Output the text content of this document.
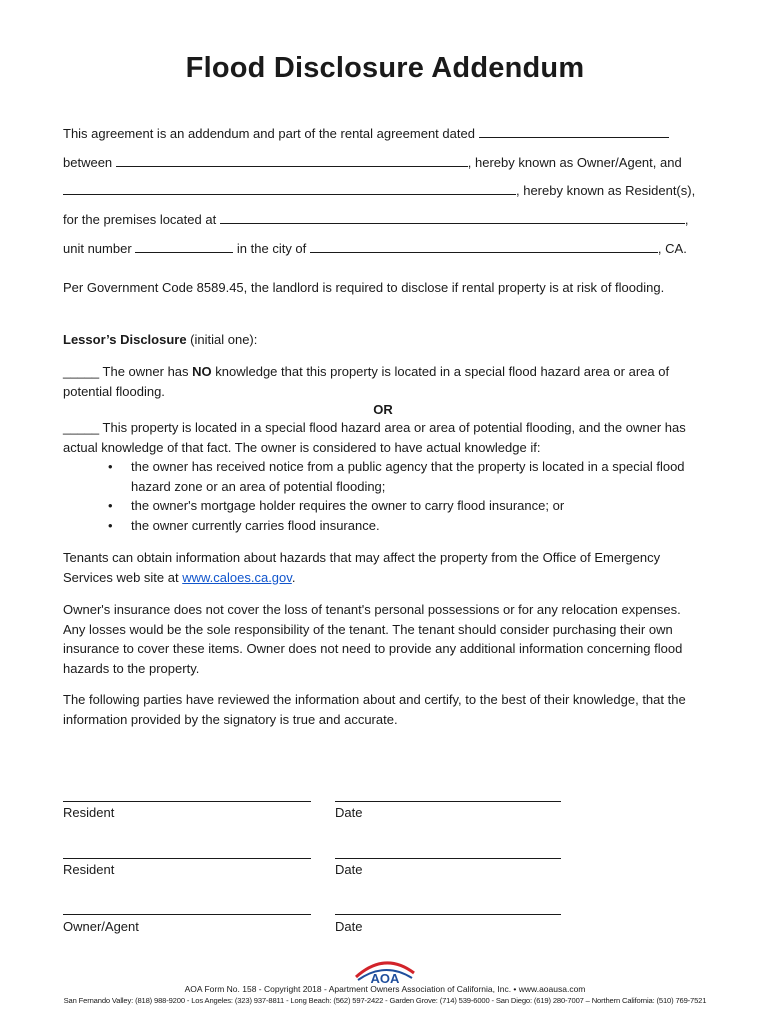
Flood Disclosure Addendum
This agreement is an addendum and part of the rental agreement dated
between	, hereby known as Owner/Agent, and
, hereby known as Resident(s),
for the premises located at	,
unit number	in the city of	, CA.
Per Government Code 8589.45, the landlord is required to disclose if rental property is at risk of flooding.
Lessor’s Disclosure (initial one):
_____ The owner has NO knowledge that this property is located in a special flood hazard area or area of potential flooding.
OR
_____ This property is located in a special flood hazard area or area of potential flooding, and the owner has actual knowledge of that fact. The owner is considered to have actual knowledge if:
• the owner has received notice from a public agency that the property is located in a special flood hazard zone or an area of potential flooding;
• the owner's mortgage holder requires the owner to carry flood insurance; or
• the owner currently carries flood insurance.
Tenants can obtain information about hazards that may affect the property from the Office of Emergency Services web site at www.caloes.ca.gov.
Owner's insurance does not cover the loss of tenant's personal possessions or for any relocation expenses. Any losses would be the sole responsibility of the tenant. The tenant should consider purchasing their own insurance to cover these items. Owner does not need to provide any additional information concerning flood hazards to the property.
The following parties have reviewed the information about and certify, to the best of their knowledge, that the information provided by the signatory is true and accurate.
Resident	Date
Resident	Date
Owner/Agent	Date
AOA
AOA Form No. 158 - Copyright 2018 - Apartment Owners Association of California, Inc. • www.aoausa.com
San Fernando Valley: (818) 988-9200 - Los Angeles: (323) 937-8811 - Long Beach: (562) 597-2422 - Garden Grove: (714) 539-6000 - San Diego: (619) 280-7007 – Northern California: (510) 769-7521
